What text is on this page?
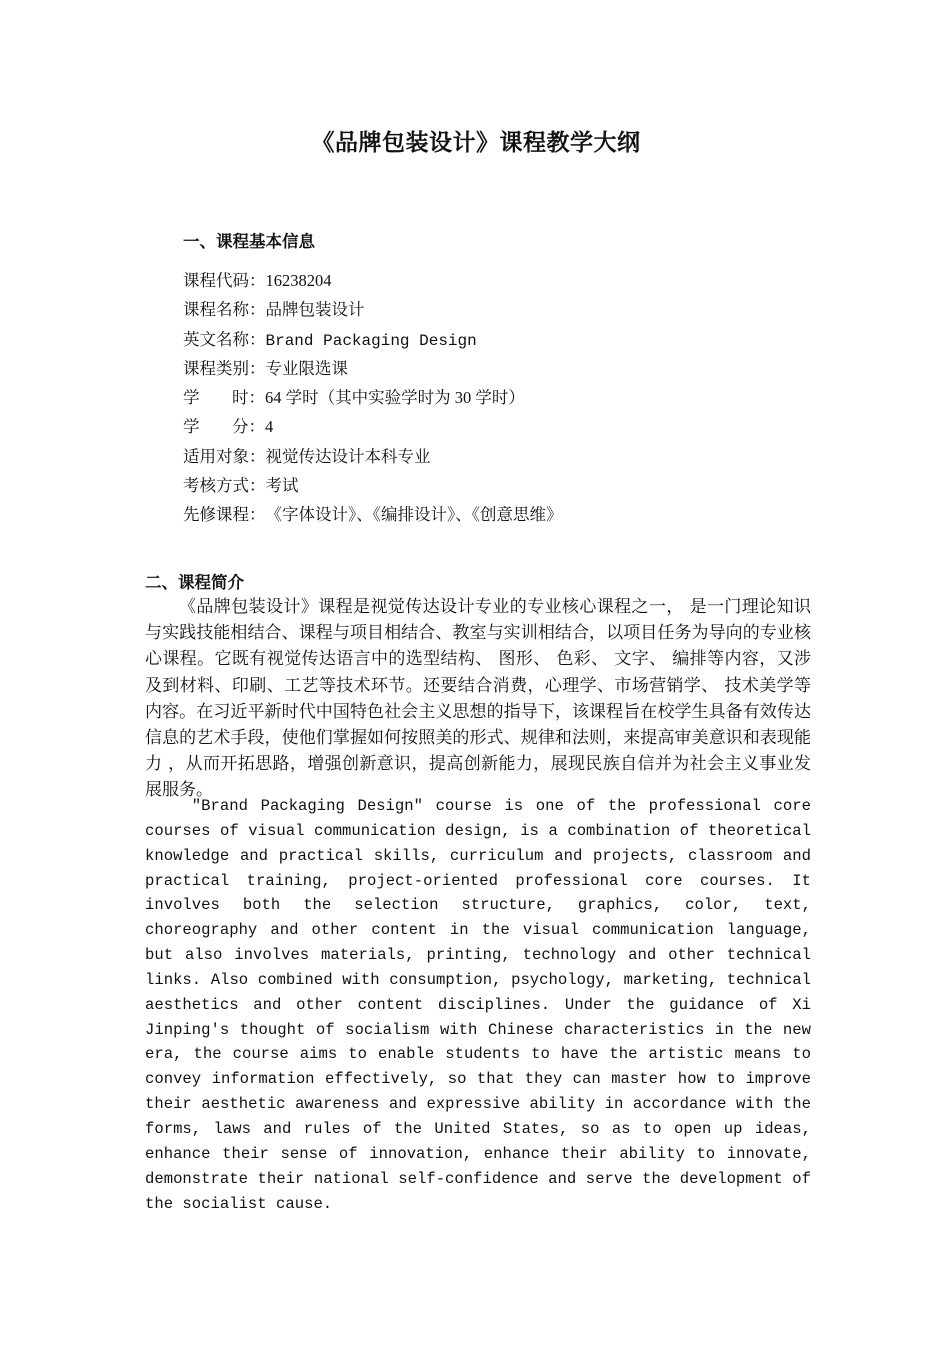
《品牌包装设计》课程教学大纲
一、课程基本信息
课程代码：16238204
课程名称：品牌包装设计
英文名称：Brand Packaging Design
课程类别：专业限选课
学 时： 64 学时（其中实验学时为 30 学时）
学 分： 4
适用对象：视觉传达设计本科专业
考核方式：考试
先修课程：《字体设计》、《编排设计》、《创意思维》
二、课程简介
《品牌包装设计》课程是视觉传达设计专业的专业核心课程之一， 是一门理论知识与实践技能相结合、课程与项目相结合、教室与实训相结合，以项目任务为导向的专业核心课程。它既有视觉传达语言中的选型结构、 图形、 色彩、 文字、 编排等内容，又涉及到材料、印刷、工艺等技术环节。还要结合消费，心理学、市场营销学、 技术美学等内容。在习近平新时代中国特色社会主义思想的指导下，该课程旨在校学生具备有效传达信息的艺术手段，使他们掌握如何按照美的形式、规律和法则，来提高审美意识和表现能力 ，从而开拓思路，增强创新意识，提高创新能力，展现民族自信并为社会主义事业发展服务。
"Brand Packaging Design" course is one of the professional core courses of visual communication design, is a combination of theoretical knowledge and practical skills, curriculum and projects, classroom and practical training, project-oriented professional core courses. It involves both the selection structure, graphics, color, text, choreography and other content in the visual communication language, but also involves materials, printing, technology and other technical links. Also combined with consumption, psychology, marketing, technical aesthetics and other content disciplines. Under the guidance of Xi Jinping's thought of socialism with Chinese characteristics in the new era, the course aims to enable students to have the artistic means to convey information effectively, so that they can master how to improve their aesthetic awareness and expressive ability in accordance with the forms, laws and rules of the United States, so as to open up ideas, enhance their sense of innovation, enhance their ability to innovate, demonstrate their national self-confidence and serve the development of the socialist cause.
